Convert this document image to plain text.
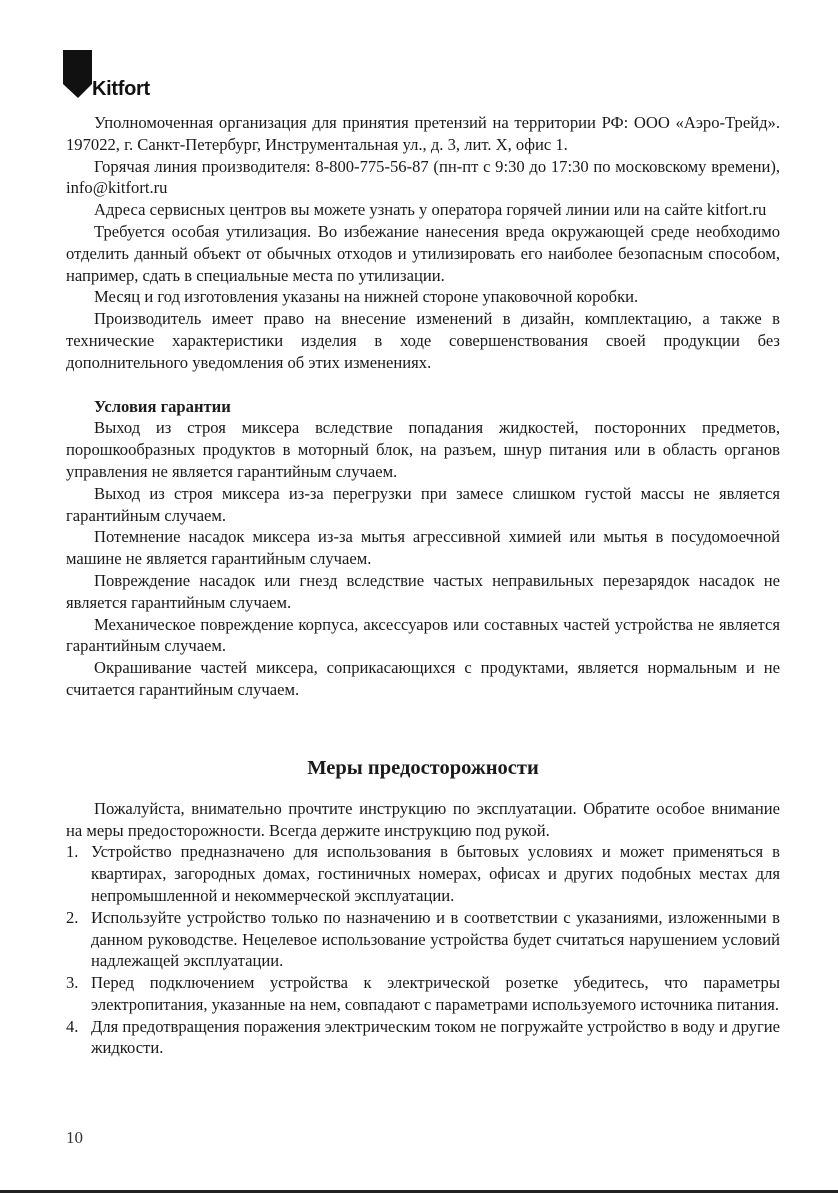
Kitfort

Уполномоченная организация для принятия претензий на территории РФ: ООО «Аэро-Трейд». 197022, г. Санкт-Петербург, Инструментальная ул., д. 3, лит. Х, офис 1.

Горячая линия производителя: 8-800-775-56-87 (пн-пт с 9:30 до 17:30 по московскому времени), info@kitfort.ru

Адреса сервисных центров вы можете узнать у оператора горячей линии или на сайте kitfort.ru

Требуется особая утилизация. Во избежание нанесения вреда окружающей среде необходимо отделить данный объект от обычных отходов и утилизировать его наиболее безопасным способом, например, сдать в специальные места по утилизации.

Месяц и год изготовления указаны на нижней стороне упаковочной коробки.

Производитель имеет право на внесение изменений в дизайн, комплектацию, а также в технические характеристики изделия в ходе совершенствования своей продукции без дополнительного уведомления об этих изменениях.

Условия гарантии

Выход из строя миксера вследствие попадания жидкостей, посторонних предметов, порошкообразных продуктов в моторный блок, на разъем, шнур питания или в область органов управления не является гарантийным случаем.

Выход из строя миксера из-за перегрузки при замесе слишком густой массы не является гарантийным случаем.

Потемнение насадок миксера из-за мытья агрессивной химией или мытья в посудомоечной машине не является гарантийным случаем.

Повреждение насадок или гнезд вследствие частых неправильных перезарядок насадок не является гарантийным случаем.

Механическое повреждение корпуса, аксессуаров или составных частей устройства не является гарантийным случаем.

Окрашивание частей миксера, соприкасающихся с продуктами, является нормальным и не считается гарантийным случаем.

Меры предосторожности

Пожалуйста, внимательно прочтите инструкцию по эксплуатации. Обратите особое внимание на меры предосторожности. Всегда держите инструкцию под рукой.

1. Устройство предназначено для использования в бытовых условиях и может применяться в квартирах, загородных домах, гостиничных номерах, офисах и других подобных местах для непромышленной и некоммерческой эксплуатации.
2. Используйте устройство только по назначению и в соответствии с указаниями, изложенными в данном руководстве. Нецелевое использование устройства будет считаться нарушением условий надлежащей эксплуатации.
3. Перед подключением устройства к электрической розетке убедитесь, что параметры электропитания, указанные на нем, совпадают с параметрами используемого источника питания.
4. Для предотвращения поражения электрическим током не погружайте устройство в воду и другие жидкости.
10
